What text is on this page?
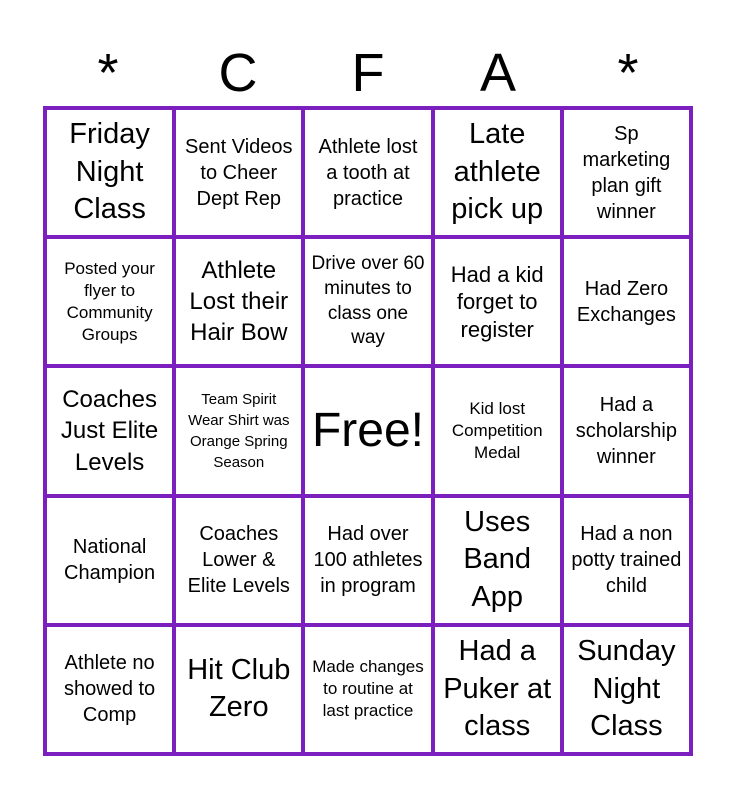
*	C	F	A	*
Friday Night Class
Sent Videos to Cheer Dept Rep
Athlete lost a tooth at practice
Late athlete pick up
Sp marketing plan gift winner
Posted your flyer to Community Groups
Athlete Lost their Hair Bow
Drive over 60 minutes to class one way
Had a kid forget to register
Had Zero Exchanges
Coaches Just Elite Levels
Team Spirit Wear Shirt was Orange Spring Season
Free!	Kid lost Competition Medal
Had a scholarship winner
National Champion
Coaches Lower & Elite Levels
Had over 100 athletes in program
Uses Band App
Had a non potty trained child
Athlete no showed to Comp
Hit Club Zero
Made changes to routine at last practice
Had a Puker at class
Sunday Night Class
